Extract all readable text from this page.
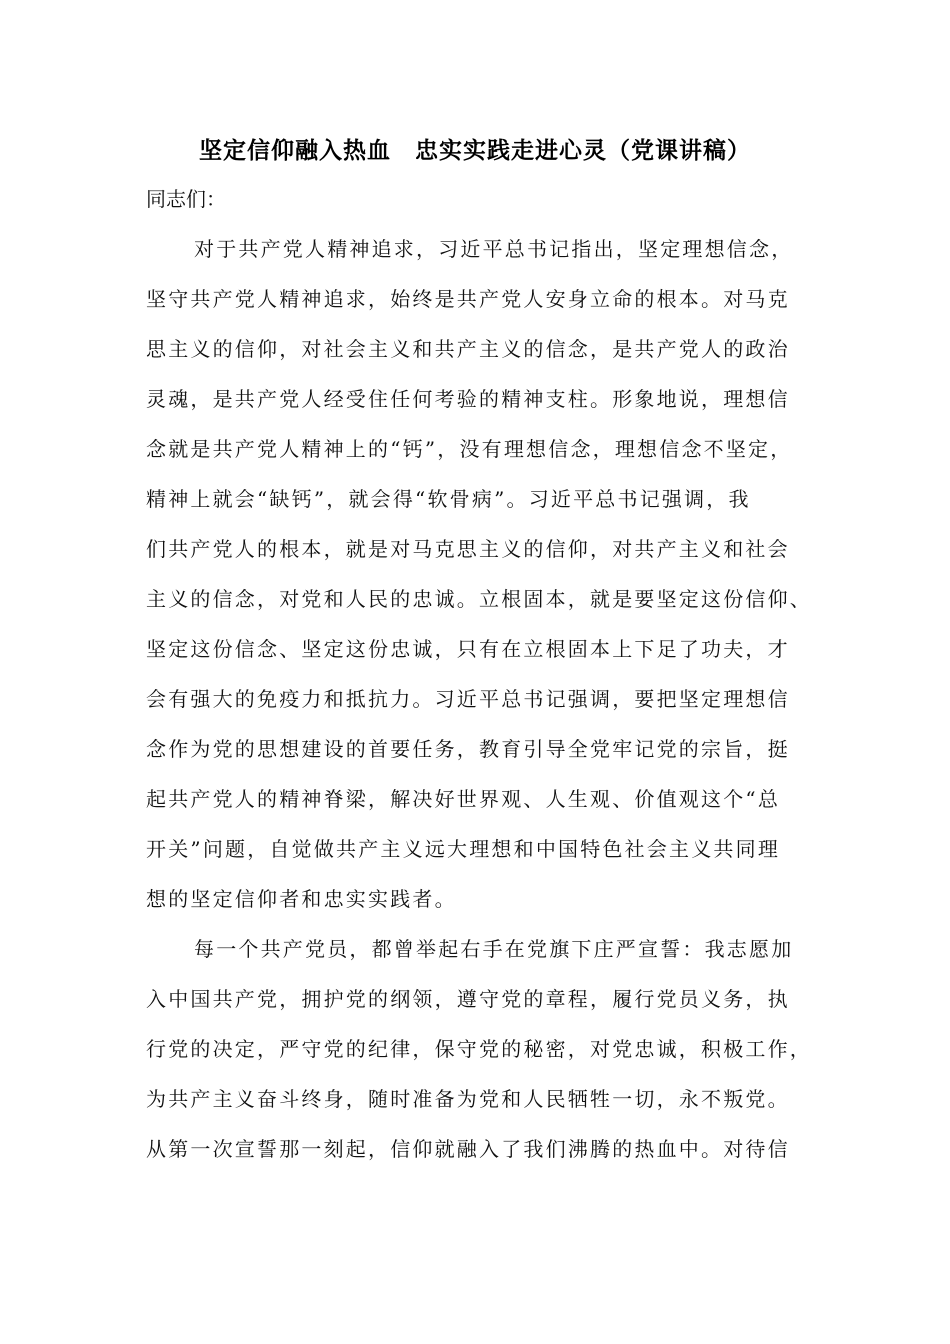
坚定信仰融入热血　忠实实践走进心灵（党课讲稿）
同志们：
对于共产党人精神追求，习近平总书记指出，坚定理想信念，
坚守共产党人精神追求，始终是共产党人安身立命的根本。对马克
思主义的信仰，对社会主义和共产主义的信念，是共产党人的政治
灵魂，是共产党人经受住任何考验的精神支柱。形象地说，理想信
念就是共产党人精神上的“钙”，没有理想信念，理想信念不坚定，
精神上就会“缺钙”，就会得“软骨病”。习近平总书记强调，我
们共产党人的根本，就是对马克思主义的信仰，对共产主义和社会
主义的信念，对党和人民的忠诚。立根固本，就是要坚定这份信仰、
坚定这份信念、坚定这份忠诚，只有在立根固本上下足了功夫，才
会有强大的免疫力和抵抗力。习近平总书记强调，要把坚定理想信
念作为党的思想建设的首要任务，教育引导全党牢记党的宗旨，挺
起共产党人的精神脊梁，解决好世界观、人生观、价值观这个“总
开关”问题，自觉做共产主义远大理想和中国特色社会主义共同理
想的坚定信仰者和忠实实践者。
每一个共产党员，都曾举起右手在党旗下庄严宣誓：我志愿加
入中国共产党，拥护党的纲领，遵守党的章程，履行党员义务，执
行党的决定，严守党的纪律，保守党的秘密，对党忠诚，积极工作，
为共产主义奋斗终身，随时准备为党和人民牺牲一切，永不叛党。
从第一次宣誓那一刻起，信仰就融入了我们沸腾的热血中。对待信
